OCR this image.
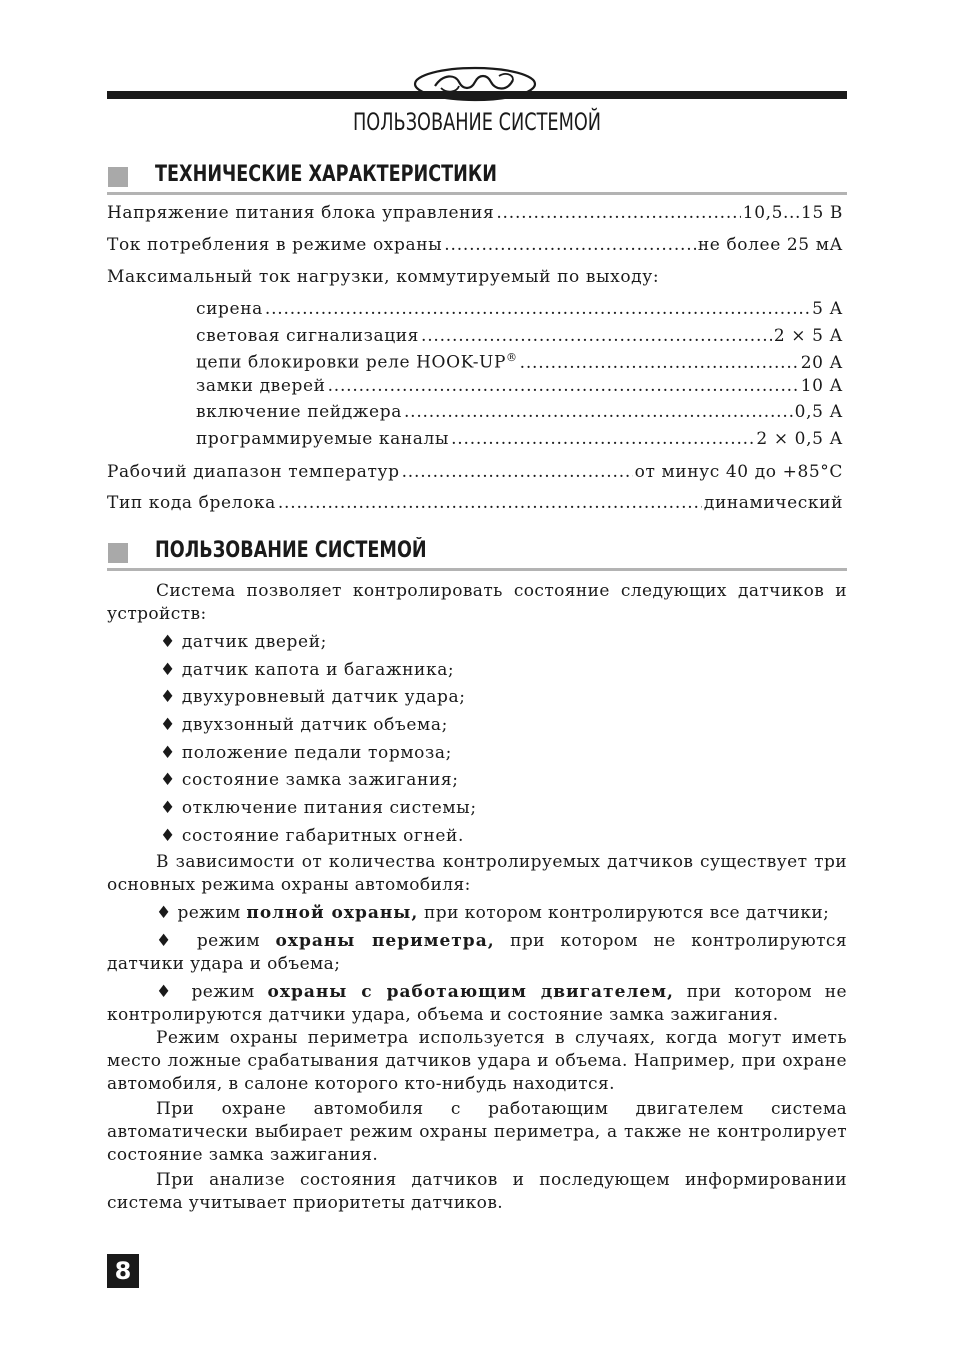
ПОЛЬЗОВАНИЕ СИСТЕМОЙ
ТЕХНИЧЕСКИЕ ХАРАКТЕРИСТИКИ
Напряжение питания блока управления .....	10,5...15 В
Ток потребления в режиме охраны .....	не более 25 мА
Максимальный ток нагрузки, коммутируемый по выходу:
сирена .....	5 А
световая сигнализация .....	2 × 5 А
цепи блокировки реле HOOK-UP® .....	20 А
замки дверей .....	10 А
включение пейджера .....	0,5 А
программируемые каналы .....	2 × 0,5 А
Рабочий диапазон температур .....	от минус 40 до +85°С
Тип кода брелока .....	динамический
ПОЛЬЗОВАНИЕ СИСТЕМОЙ
Система позволяет контролировать состояние следующих датчиков и устройств:
♦ датчик дверей;
♦ датчик капота и багажника;
♦ двухуровневый датчик удара;
♦ двухзонный датчик объема;
♦ положение педали тормоза;
♦ состояние замка зажигания;
♦ отключение питания системы;
♦ состояние габаритных огней.
В зависимости от количества контролируемых датчиков существует три основных режима охраны автомобиля:
♦ режим полной охраны, при котором контролируются все датчики;
♦ режим охраны периметра, при котором не контролируются датчики удара и объема;
♦ режим охраны с работающим двигателем, при котором не контролируются датчики удара, объема и состояние замка зажигания.
Режим охраны периметра используется в случаях, когда могут иметь место ложные срабатывания датчиков удара и объема. Например, при охране автомобиля, в салоне которого кто-нибудь находится.
При охране автомобиля с работающим двигателем система автоматически выбирает режим охраны периметра, а также не контролирует состояние замка зажигания.
При анализе состояния датчиков и последующем информировании система учитывает приоритеты датчиков.
8
